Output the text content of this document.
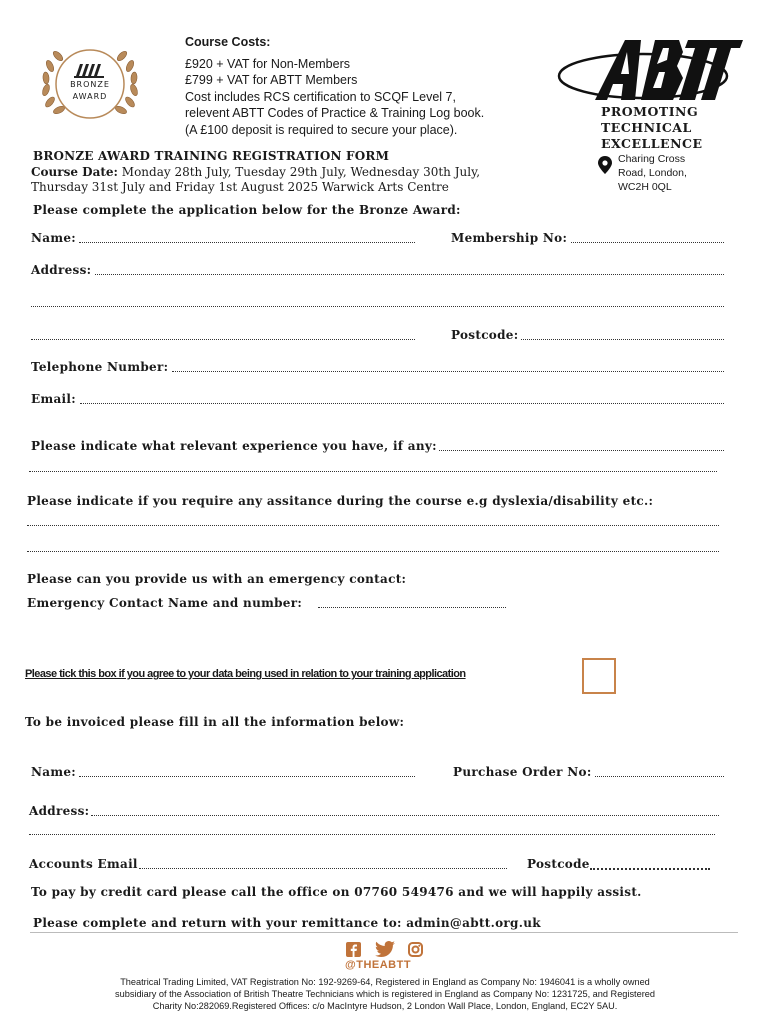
BRONZE
AWARD
Course Costs:
£920 + VAT for Non-Members
£799 + VAT for ABTT Members
Cost includes RCS certification to SCQF Level 7,
relevent ABTT Codes of Practice & Training Log book.
(A £100 deposit is required to secure your place).
PROMOTING
TECHNICAL
EXCELLENCE
Charing Cross
Road, London,
WC2H 0QL
BRONZE AWARD TRAINING REGISTRATION FORM
Course Date: Monday 28th July, Tuesday 29th July, Wednesday 30th July,
Thursday 31st July and Friday 1st August 2025 Warwick Arts Centre
Please complete the application below for the Bronze Award:
Name:	Membership No:
Address:
Postcode:
Telephone Number:
Email:
Please indicate what relevant experience you have, if any:
Please indicate if you require any assitance during the course e.g dyslexia/disability etc.:
Please can you provide us with an emergency contact:
Emergency Contact Name and number:
Please tick this box if you agree to your data being used in relation to your training application
To be invoiced please fill in all the information below:
Name:	Purchase Order No:
Address:
Accounts Email	Postcode
To pay by credit card please call the office on 07760 549476 and we will happily assist.
Please complete and return with your remittance to: admin@abtt.org.uk
@THEABTT
Theatrical Trading Limited, VAT Registration No: 192-9269-64, Registered in England as Company No: 1946041 is a wholly owned
subsidiary of the Association of British Theatre Technicians which is registered in England as Company No: 1231725, and Registered
Charity No:282069.Registered Offices: c/o MacIntyre Hudson, 2 London Wall Place, London, England, EC2Y 5AU.
